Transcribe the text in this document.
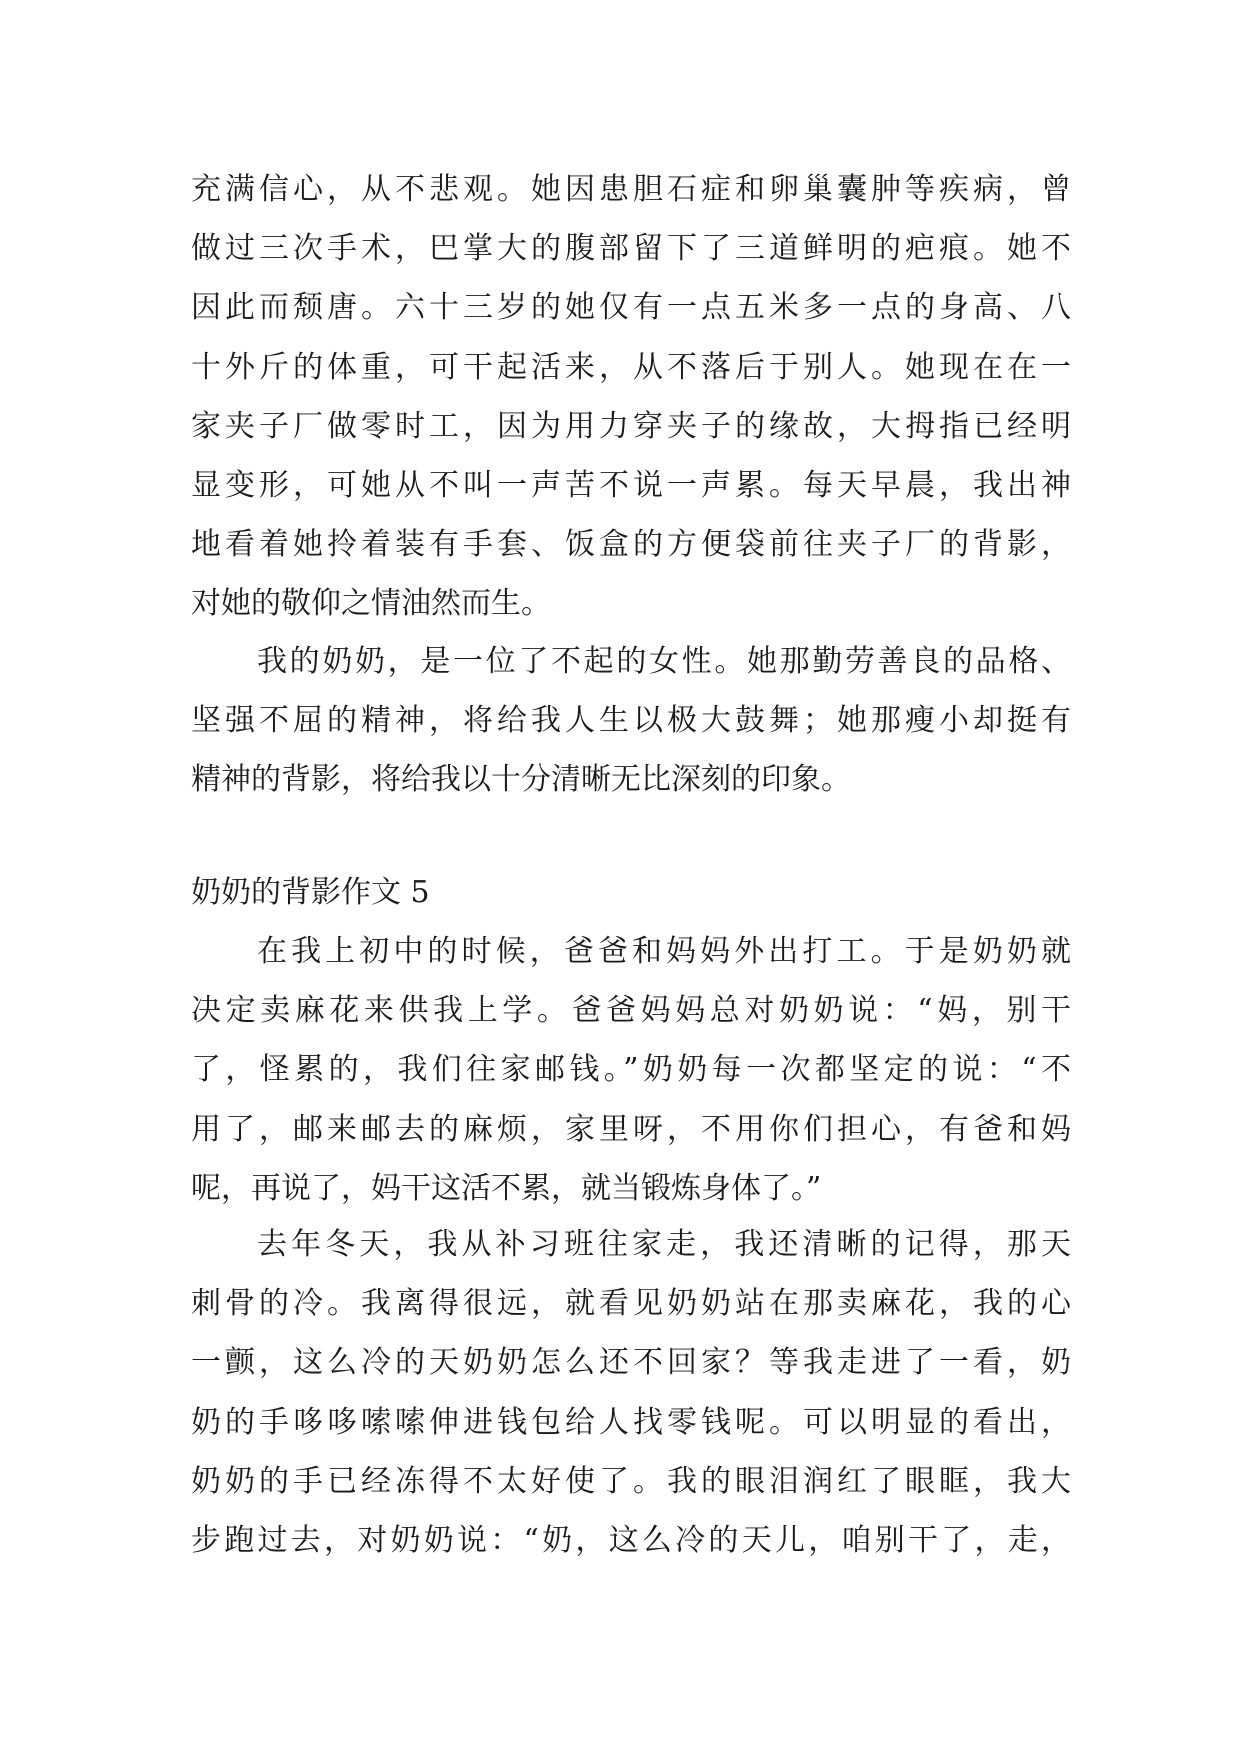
充满信心，从不悲观。她因患胆石症和卵巢囊肿等疾病，曾
做过三次手术，巴掌大的腹部留下了三道鲜明的疤痕。她不
因此而颓唐。六十三岁的她仅有一点五米多一点的身高、八
十外斤的体重，可干起活来，从不落后于别人。她现在在一
家夹子厂做零时工，因为用力穿夹子的缘故，大拇指已经明
显变形，可她从不叫一声苦不说一声累。每天早晨，我出神
地看着她拎着装有手套、饭盒的方便袋前往夹子厂的背影，
对她的敬仰之情油然而生。
我的奶奶，是一位了不起的女性。她那勤劳善良的品格、
坚强不屈的精神，将给我人生以极大鼓舞；她那瘦小却挺有
精神的背影，将给我以十分清晰无比深刻的印象。
奶奶的背影作文 5
在我上初中的时候，爸爸和妈妈外出打工。于是奶奶就
决定卖麻花来供我上学。爸爸妈妈总对奶奶说：“妈，别干
了，怪累的，我们往家邮钱。”奶奶每一次都坚定的说：“不
用了，邮来邮去的麻烦，家里呀，不用你们担心，有爸和妈
呢，再说了，妈干这活不累，就当锻炼身体了。”
去年冬天，我从补习班往家走，我还清晰的记得，那天
刺骨的冷。我离得很远，就看见奶奶站在那卖麻花，我的心
一颤，这么冷的天奶奶怎么还不回家？等我走进了一看，奶
奶的手哆哆嗦嗦伸进钱包给人找零钱呢。可以明显的看出，
奶奶的手已经冻得不太好使了。我的眼泪润红了眼眶，我大
步跑过去，对奶奶说：“奶，这么冷的天儿，咱别干了，走，
